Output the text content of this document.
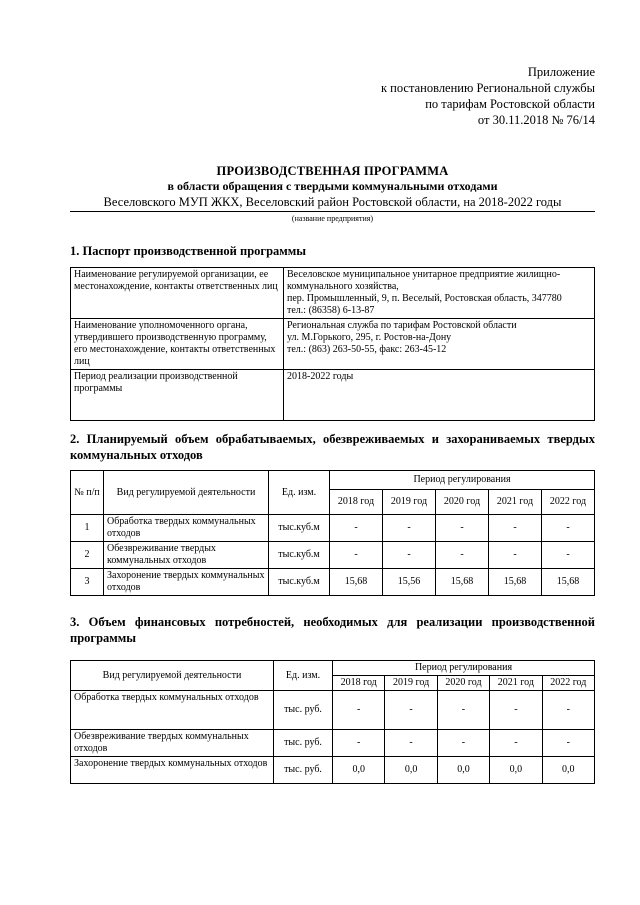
Приложение
к постановлению Региональной службы
по тарифам Ростовской области
от 30.11.2018 № 76/14
ПРОИЗВОДСТВЕННАЯ ПРОГРАММА
в области обращения с твердыми коммунальными отходами
Веселовского МУП ЖКХ, Веселовский район Ростовской области, на 2018-2022 годы
(название предприятия)
1. Паспорт производственной программы
Наименование регулируемой организации, ее местонахождение, контакты ответственных лиц	Веселовское муниципальное унитарное предприятие жилищно-коммунального хозяйства,
пер. Промышленный, 9, п. Веселый, Ростовская область, 347780
тел.: (86358) 6-13-87

Наименование уполномоченного органа, утвердившего производственную программу, его местонахождение, контакты ответственных лиц	Региональная служба по тарифам Ростовской области
ул. М.Горького, 295, г. Ростов-на-Дону
тел.: (863) 263-50-55, факс: 263-45-12

Период реализации производственной программы	2018-2022 годы
2. Планируемый объем обрабатываемых, обезвреживаемых и захораниваемых твердых коммунальных отходов
№ п/п	Вид регулируемой деятельности	Ед. изм.	Период регулирования				
			2018 год	2019 год	2020 год	2021 год	2022 год
1	Обработка твердых коммунальных отходов	тыс.куб.м	-	-	-	-	-
2	Обезвреживание твердых коммунальных отходов	тыс.куб.м	-	-	-	-	-
3	Захоронение твердых коммунальных отходов	тыс.куб.м	15,68	15,56	15,68	15,68	15,68
3. Объем финансовых потребностей, необходимых для реализации производственной программы
Вид регулируемой деятельности	Ед. изм.	Период регулирования				
		2018 год	2019 год	2020 год	2021 год	2022 год
Обработка твердых коммунальных отходов	тыс. руб.	-	-	-	-	-
Обезвреживание твердых коммунальных отходов	тыс. руб.	-	-	-	-	-
Захоронение твердых коммунальных отходов	тыс. руб.	0,0	0,0	0,0	0,0	0,0
